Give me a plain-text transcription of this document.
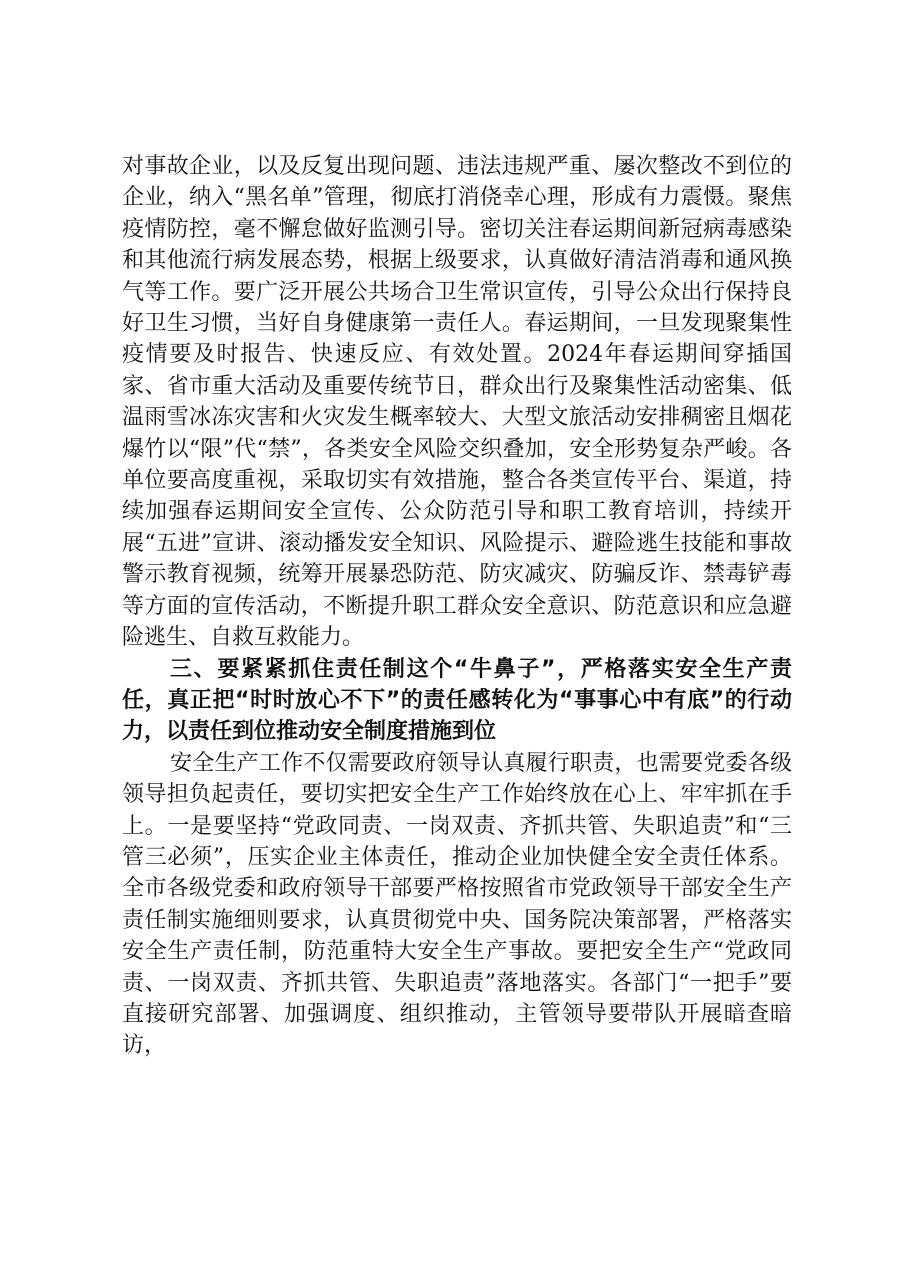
对事故企业，以及反复出现问题、违法违规严重、屡次整改不到位的企业，纳入“黑名单”管理，彻底打消侥幸心理，形成有力震慑。聚焦疫情防控，毫不懈怠做好监测引导。密切关注春运期间新冠病毒感染和其他流行病发展态势，根据上级要求，认真做好清洁消毒和通风换气等工作。要广泛开展公共场合卫生常识宣传，引导公众出行保持良好卫生习惯，当好自身健康第一责任人。春运期间，一旦发现聚集性疫情要及时报告、快速反应、有效处置。2024年春运期间穿插国家、省市重大活动及重要传统节日，群众出行及聚集性活动密集、低温雨雪冰冻灾害和火灾发生概率较大、大型文旅活动安排稠密且烟花爆竹以“限”代“禁”，各类安全风险交织叠加，安全形势复杂严峻。各单位要高度重视，采取切实有效措施，整合各类宣传平台、渠道，持续加强春运期间安全宣传、公众防范引导和职工教育培训，持续开展“五进”宣讲、滚动播发安全知识、风险提示、避险逃生技能和事故警示教育视频，统筹开展暴恐防范、防灾减灾、防骗反诈、禁毒铲毒等方面的宣传活动，不断提升职工群众安全意识、防范意识和应急避险逃生、自救互救能力。

三、要紧紧抓住责任制这个“牛鼻子”，严格落实安全生产责任，真正把“时时放心不下”的责任感转化为“事事心中有底”的行动力，以责任到位推动安全制度措施到位

安全生产工作不仅需要政府领导认真履行职责，也需要党委各级领导担负起责任，要切实把安全生产工作始终放在心上、牢牢抓在手上。一是要坚持“党政同责、一岗双责、齐抓共管、失职追责”和“三管三必须”，压实企业主体责任，推动企业加快健全安全责任体系。全市各级党委和政府领导干部要严格按照省市党政领导干部安全生产责任制实施细则要求，认真贯彻党中央、国务院决策部署，严格落实安全生产责任制，防范重特大安全生产事故。要把安全生产“党政同责、一岗双责、齐抓共管、失职追责”落地落实。各部门“一把手”要直接研究部署、加强调度、组织推动，主管领导要带队开展暗查暗访，
